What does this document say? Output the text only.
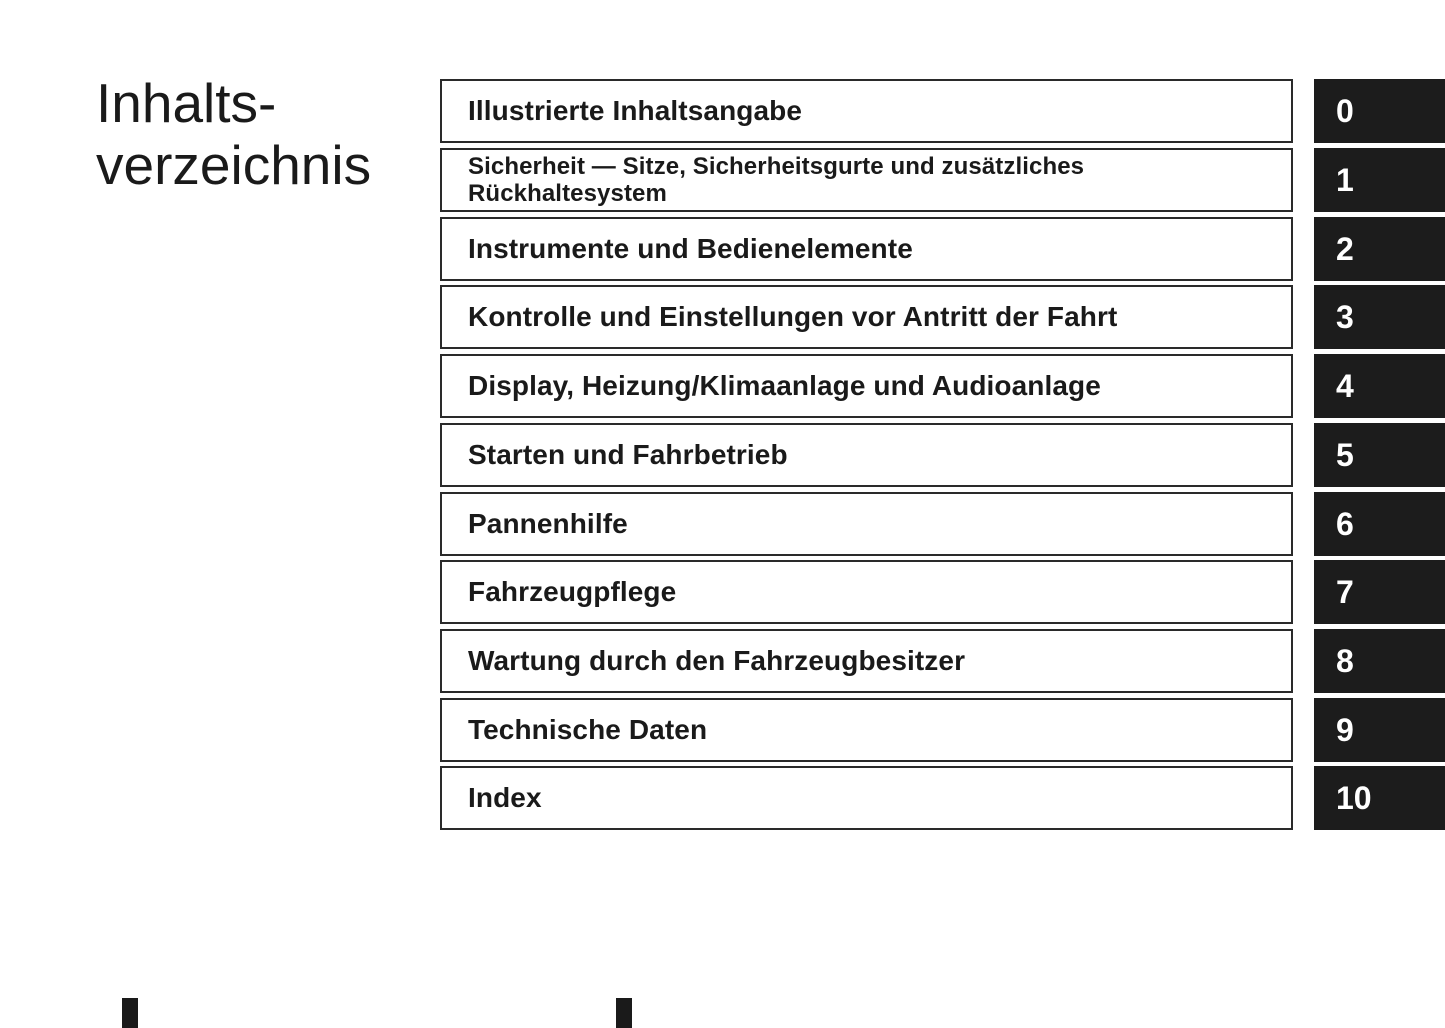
Inhalts-
verzeichnis
Illustrierte Inhaltsangabe	0
Sicherheit — Sitze, Sicherheitsgurte und zusätzliches Rückhaltesystem	1
Instrumente und Bedienelemente	2
Kontrolle und Einstellungen vor Antritt der Fahrt	3
Display, Heizung/Klimaanlage und Audioanlage	4
Starten und Fahrbetrieb	5
Pannenhilfe	6
Fahrzeugpflege	7
Wartung durch den Fahrzeugbesitzer	8
Technische Daten	9
Index	10
